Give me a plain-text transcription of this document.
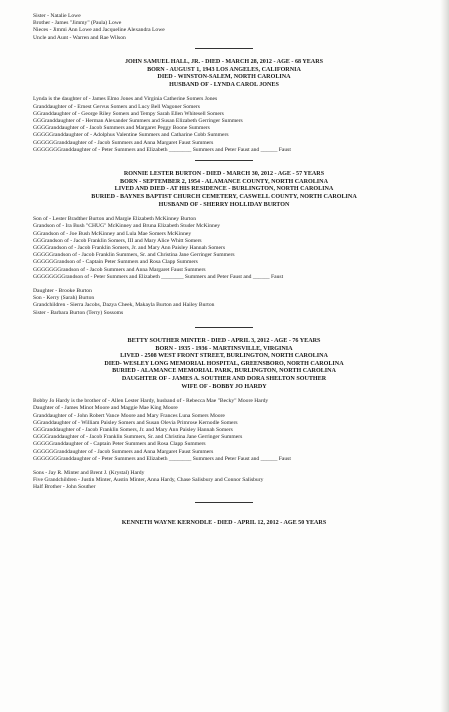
Sister - Natalie Lowe
Brother - James "Jimmy" (Paula) Lowe
Nieces - Jimmi Ann Lowe and Jacqueline Alexandra Lowe
Uncle and Aunt - Warren and Rae Wilson
JOHN SAMUEL HALL, JR. - DIED - MARCH 28, 2012 - AGE - 68 YEARS
BORN - AUGUST 1, 1943 LOS ANGELES, CALIFORNIA
DIED - WINSTON-SALEM, NORTH CAROLINA
HUSBAND OF - LYNDA CAROL JONES
Lynda is the daughter of - James Elmo Jones and Virginia Catherine Somers Jones
Granddaughter of - Ernest Gervus Somers and Lucy Bell Wagoner Somers
GGranddaughter of - George Riley Somers and Tempy Sarah Ellen Whitesell Somers
GGGranddaughter of - Herman Alexander Summers and Susan Elizabeth Gerringer Summers
GGGGranddaughter of - Jacob Summers and Margaret Peggy Boone Summers
GGGGGranddaughter of - Adolphus Valentine Summers and Catharine Cobb Summers
GGGGGGranddaughter of - Jacob Summers and Anna Margaret Faust Summers
GGGGGGGranddaughter of - Peter Summers and Elizabeth ________ Summers and Peter Faust and ______ Faust
RONNIE LESTER BURTON - DIED - MARCH 30, 2012 - AGE - 57 YEARS
BORN - SEPTEMBER 2, 1954 - ALAMANCE COUNTY, NORTH CAROLINA
LIVED AND DIED - AT HIS RESIDENCE - BURLINGTON, NORTH CAROLINA
BURIED - BAYNES BAPTIST CHURCH CEMETERY, CASWELL COUNTY, NORTH CAROLINA
HUSBAND OF - SHERRY HOLLIDAY BURTON
Son of - Lester Bradther Burton and Margie Elizabeth McKinney Burton
Grandson of - Ira Bush "CHUG" McKinney and Bruna Elizabeth Studer McKinney
GGrandson of - Joe Bush McKinney and Lula Mae Somers McKinney
GGGrandson of - Jacob Franklin Somers, III and Mary Alice Whitt Somers
GGGGrandson of - Jacob Franklin Somers, Jr. and Mary Ann Paisley Hannah Somers
GGGGGrandson of - Jacob Franklin Summers, Sr. and Christina Jane Gerringer Summers
GGGGGGrandson of - Captain Peter Summers and Rosa Clapp Summers
GGGGGGGrandson of - Jacob Summers and Anna Margaret Faust Summers
GGGGGGGGrandson of - Peter Summers and Elizabeth ________ Summers and Peter Faust and ______ Faust
Daughter - Brooke Burton
Son - Kerry (Sarah) Burton
Grandchildren - Sierra Jacobs, Dazya Cheek, Makayla Burton and Hailey Burton
Sister - Barbara Burton (Terry) Sossoms
BETTY SOUTHER MINTER - DIED - APRIL 3, 2012 - AGE - 76 YEARS
BORN - 1935 - 1936 - MARTINSVILLE, VIRGINIA
LIVED - 2508 WEST FRONT STREET, BURLINGTON, NORTH CAROLINA
DIED- WESLEY LONG MEMORIAL HOSPITAL, GREENSBORO, NORTH CAROLINA
BURIED - ALAMANCE MEMORIAL PARK, BURLINGTON, NORTH CAROLINA
DAUGHTER OF - JAMES A. SOUTHER AND DORA SHELTON SOUTHER
WIFE OF - BOBBY JO HARDY
Bobby Jo Hardy is the brother of - Allen Lester Hardy, husband of - Rebecca Mae "Becky" Moore Hardy
Daughter of - James Minot Moore and Maggie Mae King Moore
Granddaughter of - John Robert Vance Moore and Mary Frances Luna Somers Moore
GGranddaughter of - William Paisley Somers and Susan Olevia Primrose Kernodle Somers
GGGranddaughter of - Jacob Franklin Somers, Jr. and Mary Ann Paisley Hannah Somers
GGGGranddaughter of - Jacob Franklin Summers, Sr. and Christina Jane Gerringer Summers
GGGGGranddaughter of - Captain Peter Summers and Rosa Clapp Summers
GGGGGGranddaughter of - Jacob Summers and Anna Margaret Faust Summers
GGGGGGGranddaughter of - Peter Summers and Elizabeth ________ Summers and Peter Faust and ______ Faust
Sons - Jay R. Minter and Brent J. (Krystal) Hardy
Five Grandchildren - Justin Minter, Austin Minter, Anna Hardy, Chase Salisbury and Connor Salisbury
Half Brother - John Souther
KENNETH WAYNE KERNODLE - DIED - APRIL 12, 2012 - AGE 50 YEARS
